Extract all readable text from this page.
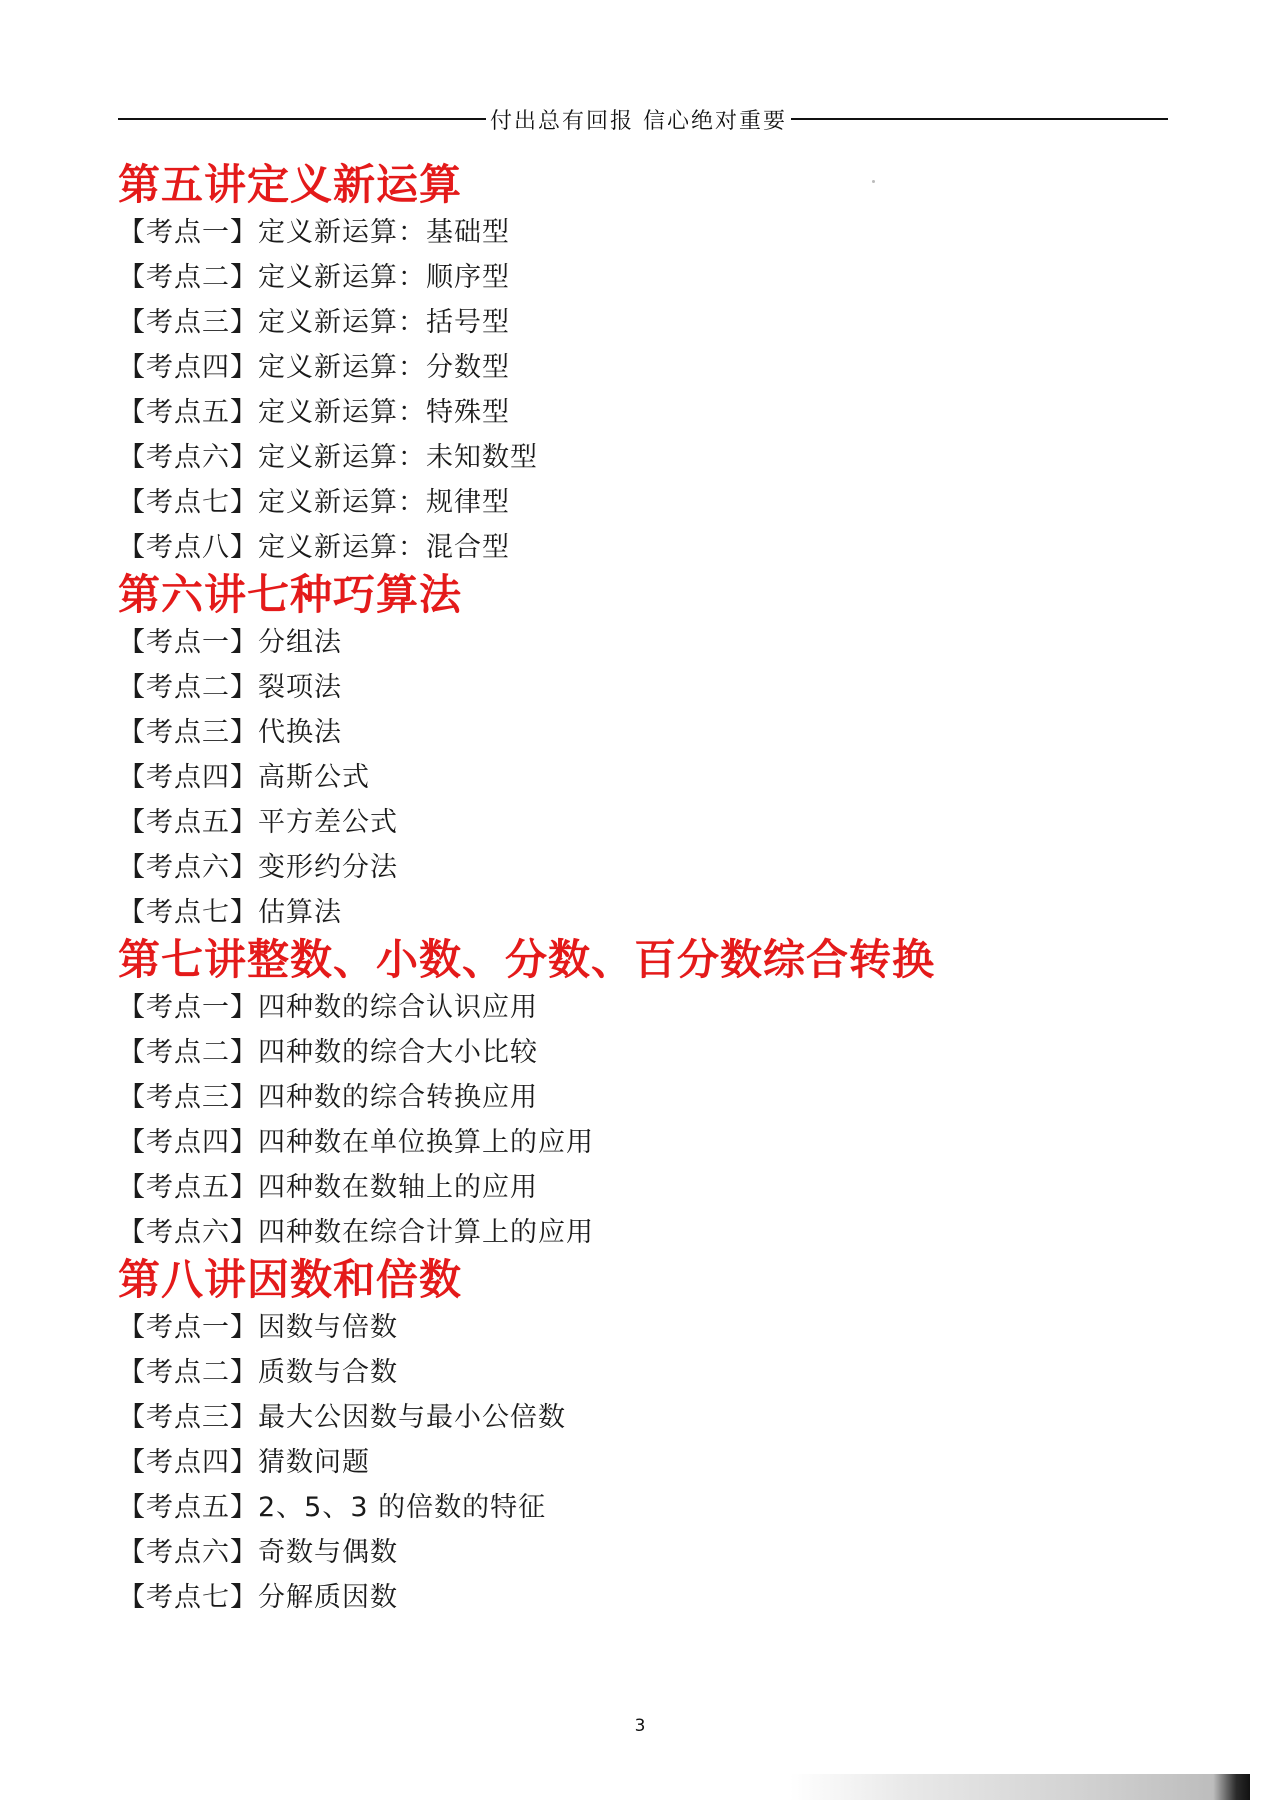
付出总有回报 信心绝对重要
第五讲定义新运算
【考点一】 定义新运算：基础型
【考点二】 定义新运算：顺序型
【考点三】 定义新运算：括号型
【考点四】 定义新运算：分数型
【考点五】 定义新运算：特殊型
【考点六】 定义新运算：未知数型
【考点七】 定义新运算：规律型
【考点八】 定义新运算：混合型
第六讲七种巧算法
【考点一】 分组法
【考点二】 裂项法
【考点三】 代换法
【考点四】 高斯公式
【考点五】 平方差公式
【考点六】 变形约分法
【考点七】 估算法
第七讲整数、小数、分数、百分数综合转换
【考点一】 四种数的综合认识应用
【考点二】 四种数的综合大小比较
【考点三】 四种数的综合转换应用
【考点四】 四种数在单位换算上的应用
【考点五】 四种数在数轴上的应用
【考点六】 四种数在综合计算上的应用
第八讲因数和倍数
【考点一】 因数与倍数
【考点二】 质数与合数
【考点三】 最大公因数与最小公倍数
【考点四】 猜数问题
【考点五】 2、5、3 的倍数的特征
【考点六】 奇数与偶数
【考点七】 分解质因数
3
